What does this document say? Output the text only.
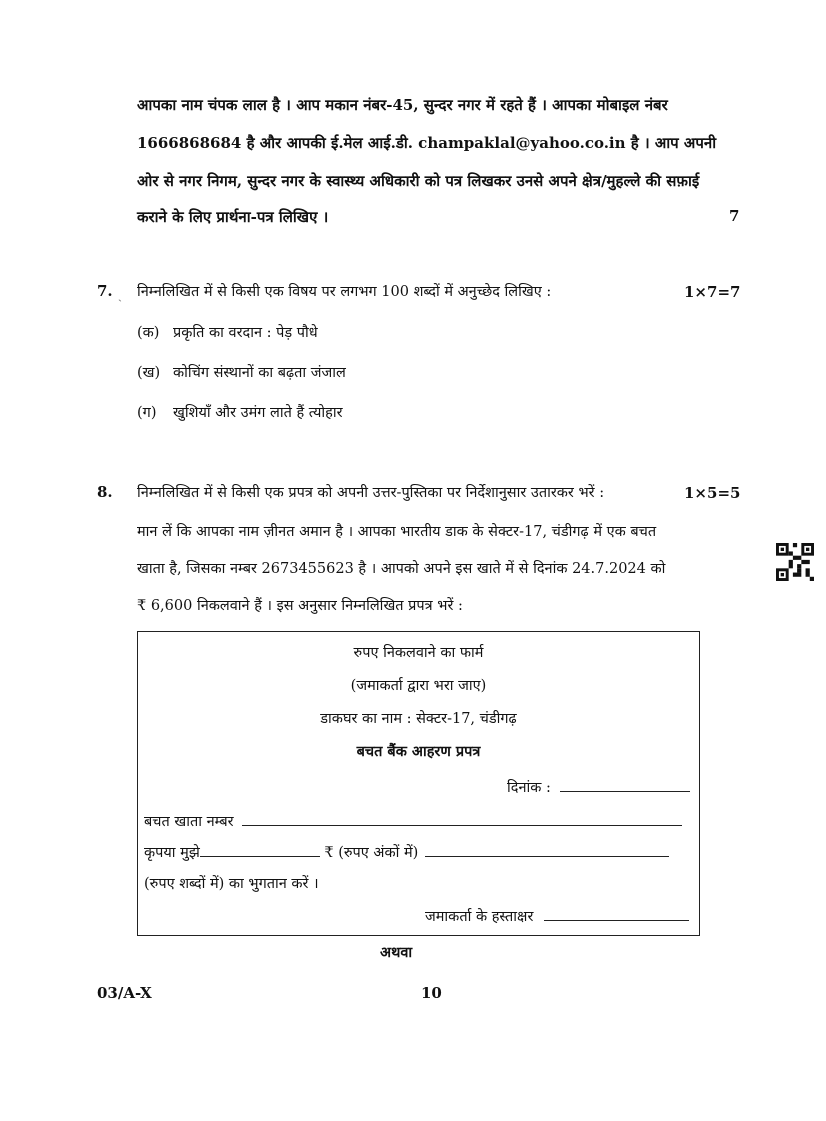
आपका नाम चंपक लाल है । आप मकान नंबर-45, सुन्दर नगर में रहते हैं । आपका मोबाइल नंबर
1666868684 है और आपकी ई.मेल आई.डी. champaklal@yahoo.co.in है । आप अपनी
ओर से नगर निगम, सुन्दर नगर के स्वास्थ्य अधिकारी को पत्र लिखकर उनसे अपने क्षेत्र/मुहल्ले की सफ़ाई
कराने के लिए प्रार्थना-पत्र लिखिए ।	7
7. ˏ निम्नलिखित में से किसी एक विषय पर लगभग 100 शब्दों में अनुच्छेद लिखिए :	1×7=7
(क) प्रकृति का वरदान : पेड़ पौधे
(ख) कोचिंग संस्थानों का बढ़ता जंजाल
(ग) खुशियाँ और उमंग लाते हैं त्योहार
8. निम्नलिखित में से किसी एक प्रपत्र को अपनी उत्तर-पुस्तिका पर निर्देशानुसार उतारकर भरें :	1×5=5
मान लें कि आपका नाम ज़ीनत अमान है । आपका भारतीय डाक के सेक्टर-17, चंडीगढ़ में एक बचत
खाता है, जिसका नम्बर 2673455623 है । आपको अपने इस खाते में से दिनांक 24.7.2024 को
₹ 6,600 निकलवाने हैं । इस अनुसार निम्नलिखित प्रपत्र भरें :
रुपए निकलवाने का फार्म
(जमाकर्ता द्वारा भरा जाए)
डाकघर का नाम : सेक्टर-17, चंडीगढ़
बचत बैंक आहरण प्रपत्र
दिनांक :
बचत खाता नम्बर
कृपया मुझे	₹ (रुपए अंकों में)
(रुपए शब्दों में) का भुगतान करें ।
जमाकर्ता के हस्ताक्षर
अथवा
03/A-X	10
